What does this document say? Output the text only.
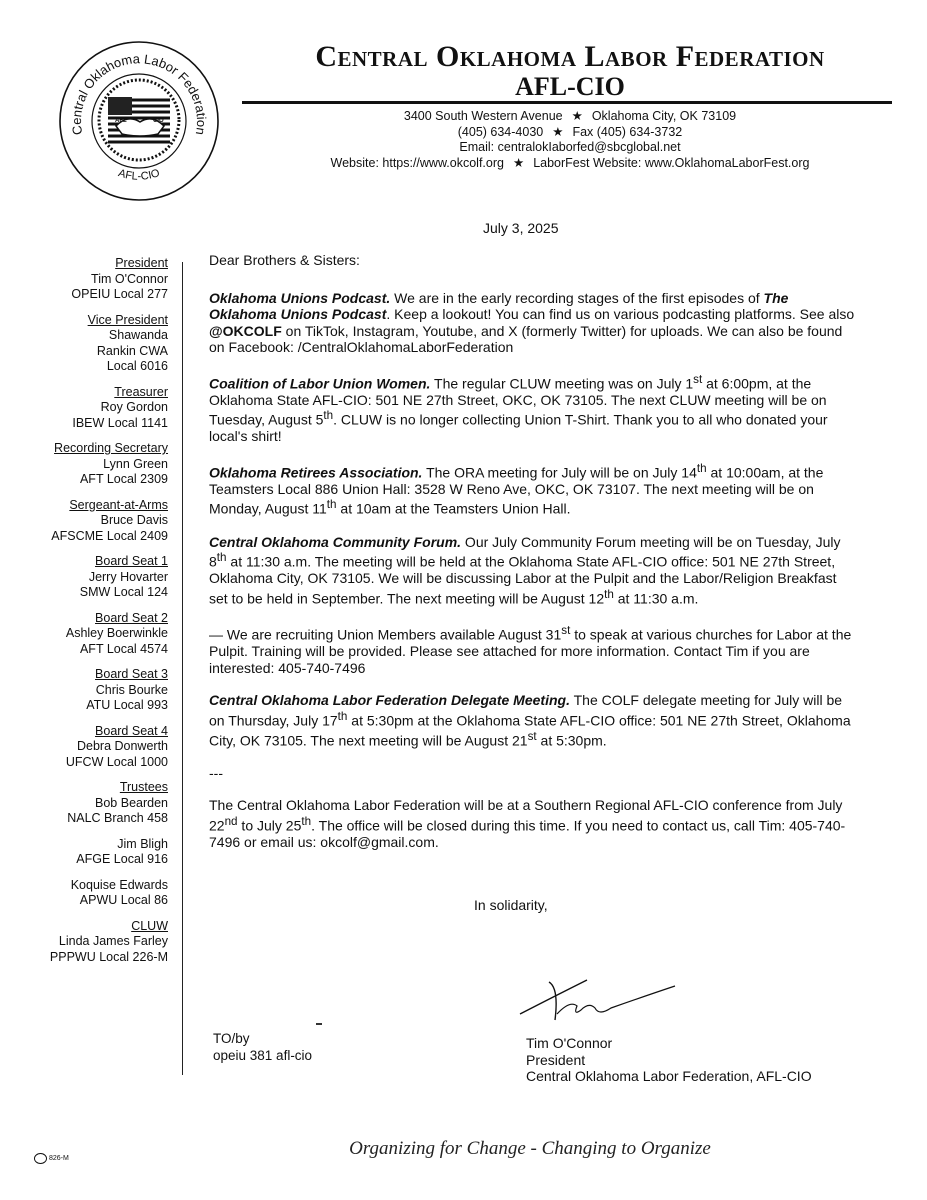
Central Oklahoma Labor Federation
AFL-CIO
AFL	CIO
Central Oklahoma Labor Federation
AFL-CIO
3400 South Western Avenue ★ Oklahoma City, OK 73109
(405) 634-4030 ★ Fax (405) 634-3732
Email: centralokIaborfed@sbcglobal.net
Website: https://www.okcolf.org ★ LaborFest Website: www.OklahomaLaborFest.org
July 3, 2025
President
Tim O'Connor
OPEIU Local 277
Vice President
Shawanda
Rankin CWA
Local 6016
Treasurer
Roy Gordon
IBEW Local 1141
Recording Secretary
Lynn Green
AFT Local 2309
Sergeant-at-Arms
Bruce Davis
AFSCME Local 2409
Board Seat 1
Jerry Hovarter
SMW Local 124
Board Seat 2
Ashley Boerwinkle
AFT Local 4574
Board Seat 3
Chris Bourke
ATU Local 993
Board Seat 4
Debra Donwerth
UFCW Local 1000
Trustees
Bob Bearden
NALC Branch 458
Jim Bligh
AFGE Local 916
Koquise Edwards
APWU Local 86
CLUW
Linda James Farley
PPPWU Local 226-M

Dear Brothers & Sisters:

Oklahoma Unions Podcast. We are in the early recording stages of the first episodes of The Oklahoma Unions Podcast. Keep a lookout! You can find us on various podcasting platforms. See also @OKCOLF on TikTok, Instagram, Youtube, and X (formerly Twitter) for uploads. We can also be found on Facebook: /CentralOklahomaLaborFederation

Coalition of Labor Union Women. The regular CLUW meeting was on July 1st at 6:00pm, at the Oklahoma State AFL-CIO: 501 NE 27th Street, OKC, OK 73105. The next CLUW meeting will be on Tuesday, August 5th. CLUW is no longer collecting Union T-Shirt. Thank you to all who donated your local's shirt!

Oklahoma Retirees Association. The ORA meeting for July will be on July 14th at 10:00am, at the Teamsters Local 886 Union Hall: 3528 W Reno Ave, OKC, OK 73107. The next meeting will be on Monday, August 11th at 10am at the Teamsters Union Hall.

Central Oklahoma Community Forum. Our July Community Forum meeting will be on Tuesday, July 8th at 11:30 a.m. The meeting will be held at the Oklahoma State AFL-CIO office: 501 NE 27th Street, Oklahoma City, OK 73105. We will be discussing Labor at the Pulpit and the Labor/Religion Breakfast set to be held in September. The next meeting will be August 12th at 11:30 a.m.

— We are recruiting Union Members available August 31st to speak at various churches for Labor at the Pulpit. Training will be provided. Please see attached for more information. Contact Tim if you are interested: 405-740-7496

Central Oklahoma Labor Federation Delegate Meeting. The COLF delegate meeting for July will be on Thursday, July 17th at 5:30pm at the Oklahoma State AFL-CIO office: 501 NE 27th Street, Oklahoma City, OK 73105. The next meeting will be August 21st at 5:30pm.

---

The Central Oklahoma Labor Federation will be at a Southern Regional AFL-CIO conference from July 22nd to July 25th. The office will be closed during this time. If you need to contact us, call Tim: 405-740-7496 or email us: okcolf@gmail.com.

In solidarity,
Tim O'Connor
President
Central Oklahoma Labor Federation, AFL-CIO
TO/by
opeiu 381 afl-cio
Organizing for Change - Changing to Organize
826-M
